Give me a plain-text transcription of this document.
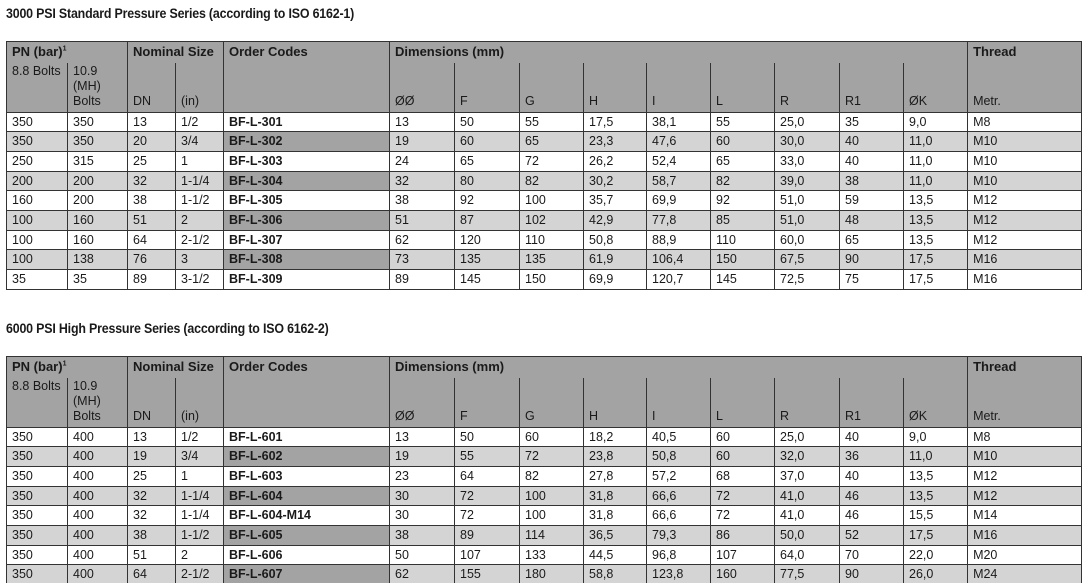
3000 PSI Standard Pressure Series (according to ISO 6162-1)
PN (bar)$^1$		Nominal Size		Order Codes	Dimensions (mm)									Thread
8.8 Bolts	10.9 (MH) Bolts	DN	(in)		ØØ	F	G	H	I	L	R	R1	ØK	Metr.
350	350	13	1/2	BF-L-301	13	50	55	17,5	38,1	55	25,0	35	9,0	M8
350	350	20	3/4	BF-L-302	19	60	65	23,3	47,6	60	30,0	40	11,0	M10
250	315	25	1	BF-L-303	24	65	72	26,2	52,4	65	33,0	40	11,0	M10
200	200	32	1-1/4	BF-L-304	32	80	82	30,2	58,7	82	39,0	38	11,0	M10
160	200	38	1-1/2	BF-L-305	38	92	100	35,7	69,9	92	51,0	59	13,5	M12
100	160	51	2	BF-L-306	51	87	102	42,9	77,8	85	51,0	48	13,5	M12
100	160	64	2-1/2	BF-L-307	62	120	110	50,8	88,9	110	60,0	65	13,5	M12
100	138	76	3	BF-L-308	73	135	135	61,9	106,4	150	67,5	90	17,5	M16
35	35	89	3-1/2	BF-L-309	89	145	150	69,9	120,7	145	72,5	75	17,5	M16
6000 PSI High Pressure Series (according to ISO 6162-2)
PN (bar)$^1$		Nominal Size		Order Codes	Dimensions (mm)									Thread
8.8 Bolts	10.9 (MH) Bolts	DN	(in)		ØØ	F	G	H	I	L	R	R1	ØK	Metr.
350	400	13	1/2	BF-L-601	13	50	60	18,2	40,5	60	25,0	40	9,0	M8
350	400	19	3/4	BF-L-602	19	55	72	23,8	50,8	60	32,0	36	11,0	M10
350	400	25	1	BF-L-603	23	64	82	27,8	57,2	68	37,0	40	13,5	M12
350	400	32	1-1/4	BF-L-604	30	72	100	31,8	66,6	72	41,0	46	13,5	M12
350	400	32	1-1/4	BF-L-604-M14	30	72	100	31,8	66,6	72	41,0	46	15,5	M14
350	400	38	1-1/2	BF-L-605	38	89	114	36,5	79,3	86	50,0	52	17,5	M16
350	400	51	2	BF-L-606	50	107	133	44,5	96,8	107	64,0	70	22,0	M20
350	400	64	2-1/2	BF-L-607	62	155	180	58,8	123,8	160	77,5	90	26,0	M24
